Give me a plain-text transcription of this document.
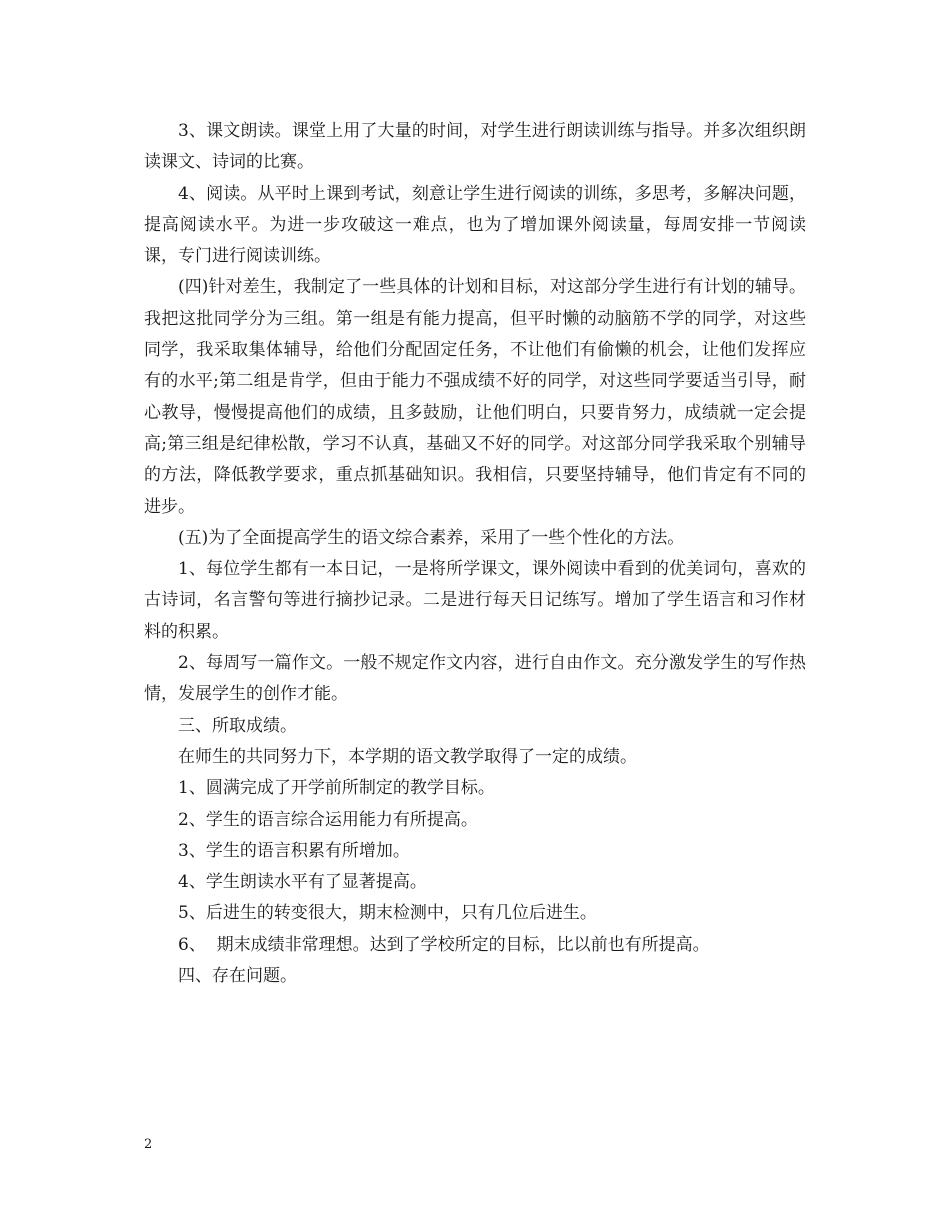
3、课文朗读。课堂上用了大量的时间，对学生进行朗读训练与指导。并多次组织朗读课文、诗词的比赛。

4、阅读。从平时上课到考试，刻意让学生进行阅读的训练，多思考，多解决问题，提高阅读水平。为进一步攻破这一难点，也为了增加课外阅读量，每周安排一节阅读课，专门进行阅读训练。

(四)针对差生，我制定了一些具体的计划和目标，对这部分学生进行有计划的辅导。我把这批同学分为三组。第一组是有能力提高，但平时懒的动脑筋不学的同学，对这些同学，我采取集体辅导，给他们分配固定任务，不让他们有偷懒的机会，让他们发挥应有的水平;第二组是肯学，但由于能力不强成绩不好的同学，对这些同学要适当引导，耐心教导，慢慢提高他们的成绩，且多鼓励，让他们明白，只要肯努力，成绩就一定会提高;第三组是纪律松散，学习不认真，基础又不好的同学。对这部分同学我采取个别辅导的方法，降低教学要求，重点抓基础知识。我相信，只要坚持辅导，他们肯定有不同的进步。

(五)为了全面提高学生的语文综合素养，采用了一些个性化的方法。

1、每位学生都有一本日记，一是将所学课文，课外阅读中看到的优美词句，喜欢的古诗词，名言警句等进行摘抄记录。二是进行每天日记练写。增加了学生语言和习作材料的积累。

2、每周写一篇作文。一般不规定作文内容，进行自由作文。充分激发学生的写作热情，发展学生的创作才能。

三、所取成绩。

在师生的共同努力下，本学期的语文教学取得了一定的成绩。

1、圆满完成了开学前所制定的教学目标。

2、学生的语言综合运用能力有所提高。

3、学生的语言积累有所增加。

4、学生朗读水平有了显著提高。

5、后进生的转变很大，期末检测中，只有几位后进生。

6、  期末成绩非常理想。达到了学校所定的目标，比以前也有所提高。

四、存在问题。

2
